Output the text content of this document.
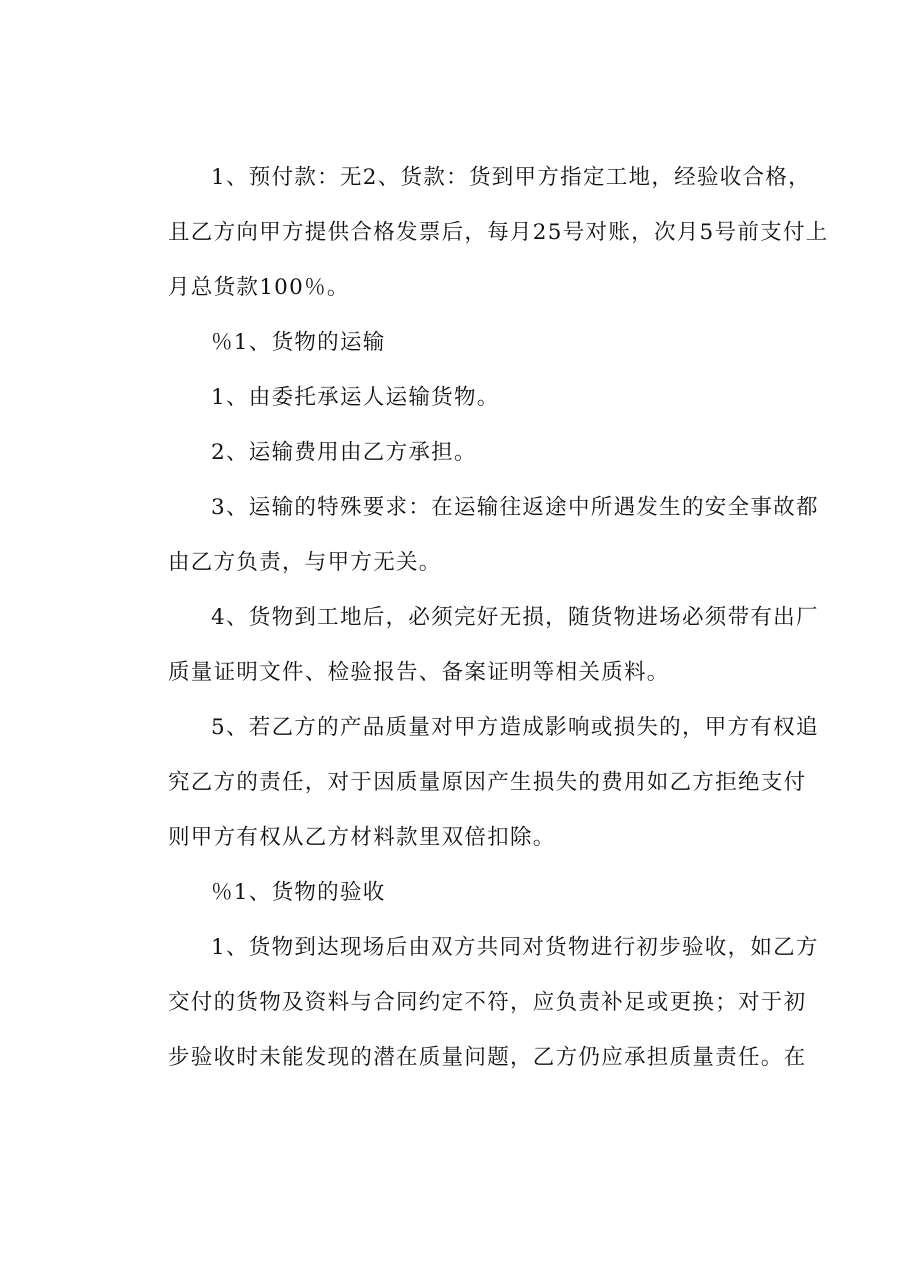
1、预付款：无2、货款：货到甲方指定工地，经验收合格，
且乙方向甲方提供合格发票后，每月25号对账，次月5号前支付上
月总货款100％。
％1、货物的运输
1、由委托承运人运输货物。
2、运输费用由乙方承担。
3、运输的特殊要求：在运输往返途中所遇发生的安全事故都
由乙方负责，与甲方无关。
4、货物到工地后，必须完好无损，随货物进场必须带有出厂
质量证明文件、检验报告、备案证明等相关质料。
5、若乙方的产品质量对甲方造成影响或损失的，甲方有权追
究乙方的责任，对于因质量原因产生损失的费用如乙方拒绝支付
则甲方有权从乙方材料款里双倍扣除。
％1、货物的验收
1、货物到达现场后由双方共同对货物进行初步验收，如乙方
交付的货物及资料与合同约定不符，应负责补足或更换；对于初
步验收时未能发现的潜在质量问题，乙方仍应承担质量责任。在
